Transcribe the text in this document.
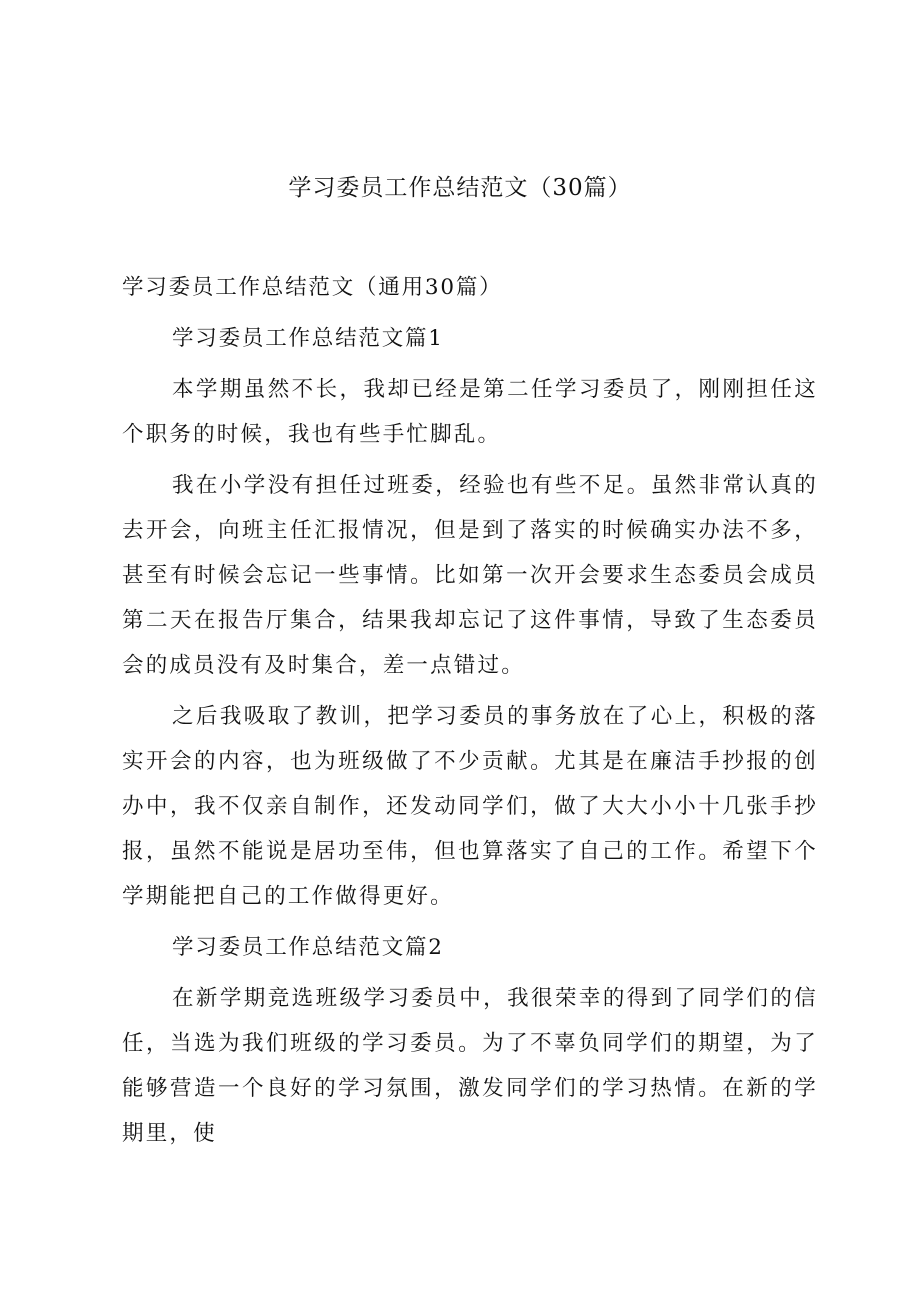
学习委员工作总结范文（30篇）

学习委员工作总结范文（通用30篇）

学习委员工作总结范文篇1

本学期虽然不长，我却已经是第二任学习委员了，刚刚担任这个职务的时候，我也有些手忙脚乱。

我在小学没有担任过班委，经验也有些不足。虽然非常认真的去开会，向班主任汇报情况，但是到了落实的时候确实办法不多，甚至有时候会忘记一些事情。比如第一次开会要求生态委员会成员第二天在报告厅集合，结果我却忘记了这件事情，导致了生态委员会的成员没有及时集合，差一点错过。

之后我吸取了教训，把学习委员的事务放在了心上，积极的落实开会的内容，也为班级做了不少贡献。尤其是在廉洁手抄报的创办中，我不仅亲自制作，还发动同学们，做了大大小小十几张手抄报，虽然不能说是居功至伟，但也算落实了自己的工作。希望下个学期能把自己的工作做得更好。

学习委员工作总结范文篇2

在新学期竞选班级学习委员中，我很荣幸的得到了同学们的信任，当选为我们班级的学习委员。为了不辜负同学们的期望，为了能够营造一个良好的学习氛围，激发同学们的学习热情。在新的学期里，使
